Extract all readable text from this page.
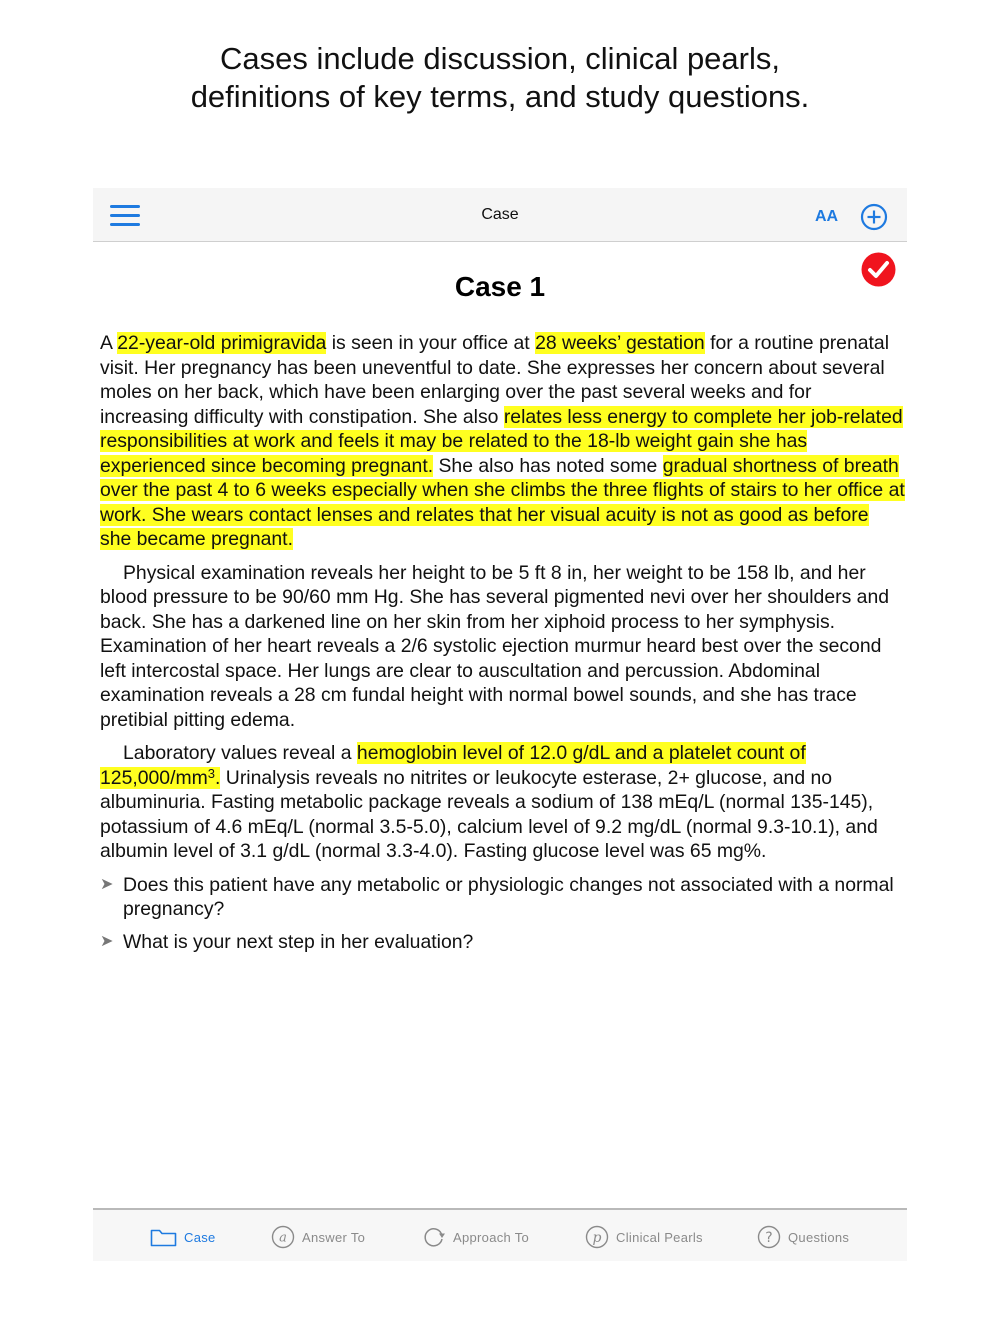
Cases include discussion, clinical pearls,
definitions of key terms, and study questions.
Case	AA
Case 1

A 22-year-old primigravida is seen in your office at 28 weeks’ gestation for a routine prenatal visit. Her pregnancy has been uneventful to date. She expresses her concern about several moles on her back, which have been enlarging over the past several weeks and for increasing difficulty with constipation. She also relates less energy to complete her job-related responsibilities at work and feels it may be related to the 18-lb weight gain she has experienced since becoming pregnant. She also has noted some gradual shortness of breath over the past 4 to 6 weeks especially when she climbs the three flights of stairs to her office at work. She wears contact lenses and relates that her visual acuity is not as good as before she became pregnant.

Physical examination reveals her height to be 5 ft 8 in, her weight to be 158 lb, and her blood pressure to be 90/60 mm Hg. She has several pigmented nevi over her shoulders and back. She has a darkened line on her skin from her xiphoid process to her symphysis. Examination of her heart reveals a 2/6 systolic ejection murmur heard best over the second left intercostal space. Her lungs are clear to auscultation and percussion. Abdominal examination reveals a 28 cm fundal height with normal bowel sounds, and she has trace pretibial pitting edema.

Laboratory values reveal a hemoglobin level of 12.0 g/dL and a platelet count of $125,000/mm^3$. Urinalysis reveals no nitrites or leukocyte esterase, 2+ glucose, and no albuminuria. Fasting metabolic package reveals a sodium of 138 mEq/L (normal 135-145), potassium of 4.6 mEq/L (normal 3.5-5.0), calcium level of 9.2 mg/dL (normal 9.3-10.1), and albumin level of 3.1 g/dL (normal 3.3-4.0). Fasting glucose level was 65 mg%.

➤ Does this patient have any metabolic or physiologic changes not associated with a normal pregnancy?
➤ What is your next step in her evaluation?
Case	a Answer To	Approach To	p Clinical Pearls	? Questions
